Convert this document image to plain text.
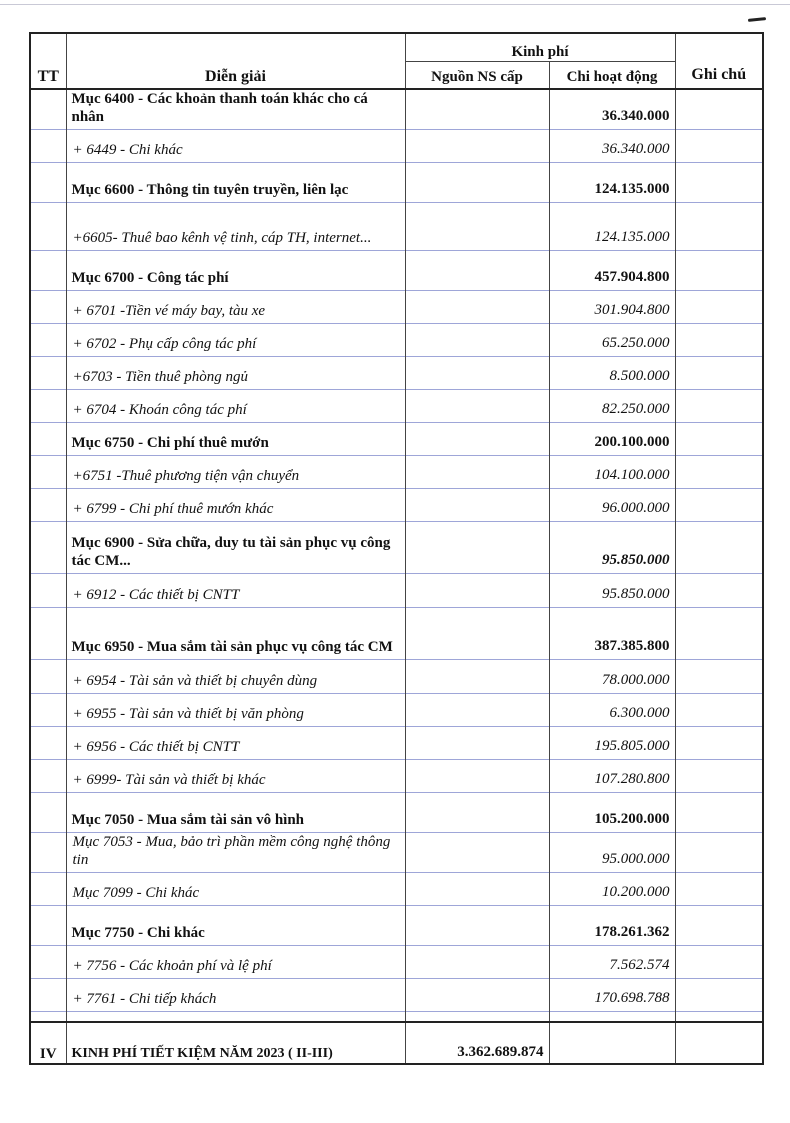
TT	Diễn giải	Kinh phí		Ghi chú

		Nguồn NS cấp	Chi hoạt động	
	Mục 6400 - Các khoản thanh toán khác cho cá nhân		36.340.000	
	+ 6449 - Chi khác		36.340.000	
	Mục 6600 - Thông tin tuyên truyền, liên lạc		124.135.000	
	+6605- Thuê bao kênh vệ tinh, cáp TH, internet...		124.135.000	
	Mục 6700 - Công tác phí		457.904.800	
	+ 6701 -Tiền vé máy bay, tàu xe		301.904.800	
	+ 6702 - Phụ cấp công tác phí		65.250.000	
	+6703 - Tiền thuê phòng ngủ		8.500.000	
	+ 6704 - Khoán công tác phí		82.250.000	
	Mục 6750 - Chi phí thuê mướn		200.100.000	
	+6751 -Thuê phương tiện vận chuyển		104.100.000	
	+ 6799 - Chi phí thuê mướn khác		96.000.000	
	Mục 6900 - Sửa chữa, duy tu tài sản phục vụ công tác CM...		95.850.000	
	+ 6912 - Các thiết bị CNTT		95.850.000	
	Mục 6950 - Mua sắm tài sản phục vụ công tác CM		387.385.800	
	+ 6954 - Tài sản và thiết bị chuyên dùng		78.000.000	
	+ 6955 - Tài sản và thiết bị văn phòng		6.300.000	
	+ 6956 - Các thiết bị CNTT		195.805.000	
	+ 6999- Tài sản và thiết bị khác		107.280.800	
	Mục 7050 - Mua sắm tài sản vô hình		105.200.000	
	Mục 7053 - Mua, bảo trì phần mềm công nghệ thông tin		95.000.000	
	Mục 7099 - Chi khác		10.200.000	
	Mục 7750 - Chi khác		178.261.362	
	+ 7756 - Các khoản phí và lệ phí		7.562.574	
	+ 7761 - Chi tiếp khách		170.698.788	

IV	KINH PHÍ TIẾT KIỆM NĂM 2023 ( II-III)	3.362.689.874		
